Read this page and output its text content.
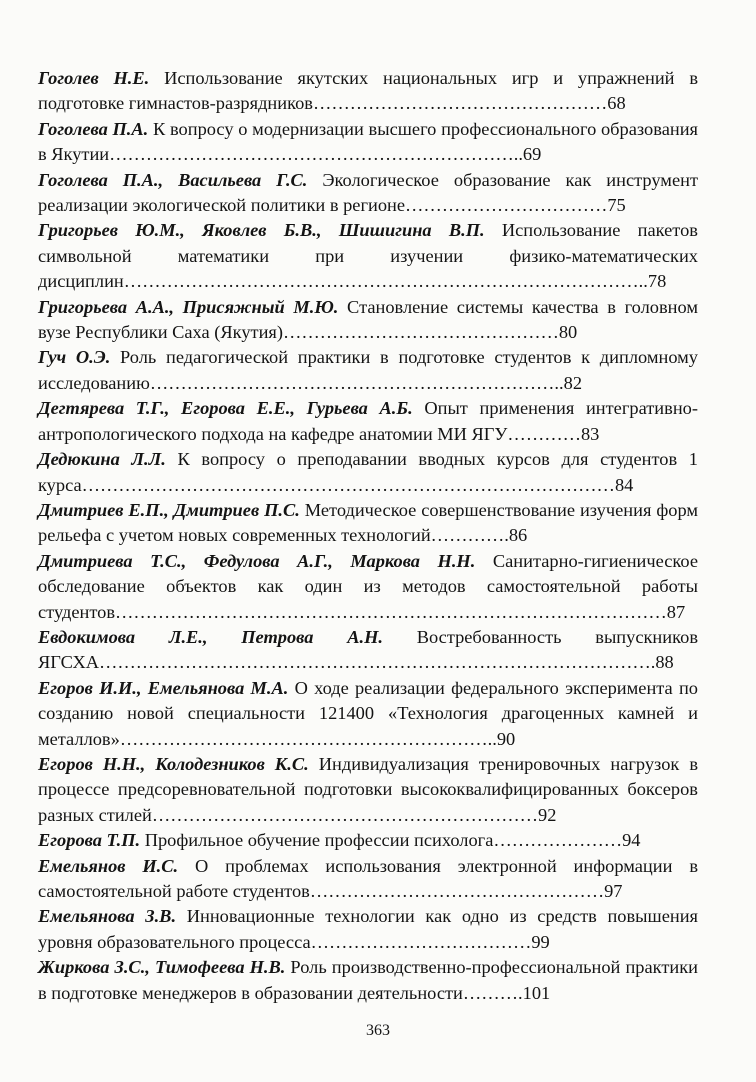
Гоголев Н.Е. Использование якутских национальных игр и упражнений в подготовке гимнастов-разрядников…………………………………………68

Гоголева П.А. К вопросу о модернизации высшего профессионального образования в Якутии…………………………………………………………..69

Гоголева П.А., Васильева Г.С. Экологическое образование как инструмент реализации экологической политики в регионе……………………………75

Григорьев Ю.М., Яковлев Б.В., Шишигина В.П. Использование пакетов символьной математики при изучении физико-математических дисциплин…………………………………………………………………………..78

Григорьева А.А., Присяжный М.Ю. Становление системы качества в головном вузе Республики Саха (Якутия)………………………………………80

Гуч О.Э. Роль педагогической практики в подготовке студентов к дипломному исследованию…………………………………………………………..82

Дегтярева Т.Г., Егорова Е.Е., Гурьева А.Б. Опыт применения интегративно-антропологического подхода на кафедре анатомии МИ ЯГУ…………83

Дедюкина Л.Л. К вопросу о преподавании вводных курсов для студентов 1 курса……………………………………………………………………………84

Дмитриев Е.П., Дмитриев П.С. Методическое совершенствование изучения форм рельефа с учетом новых современных технологий………….86

Дмитриева Т.С., Федулова А.Г., Маркова Н.Н. Санитарно-гигиеническое обследование объектов как один из методов самостоятельной работы студентов………………………………………………………………………………87

Евдокимова Л.Е., Петрова А.Н. Востребованность выпускников ЯГСХА……………………………………………………………………………….88

Егоров И.И., Емельянова М.А. О ходе реализации федерального эксперимента по созданию новой специальности 121400 «Технология драгоценных камней и металлов»……………………………………………………..90

Егоров Н.Н., Колодезников К.С. Индивидуализация тренировочных нагрузок в процессе предсоревновательной подготовки высококвалифицированных боксеров разных стилей………………………………………………………92

Егорова Т.П. Профильное обучение профессии психолога…………………94

Емельянов И.С. О проблемах использования электронной информации в самостоятельной работе студентов…………………………………………97

Емельянова З.В. Инновационные технологии как одно из средств повышения уровня образовательного процесса………………………………99

Жиркова З.С., Тимофеева Н.В. Роль производственно-профессиональной практики в подготовке менеджеров в образовании деятельности……….101

363
